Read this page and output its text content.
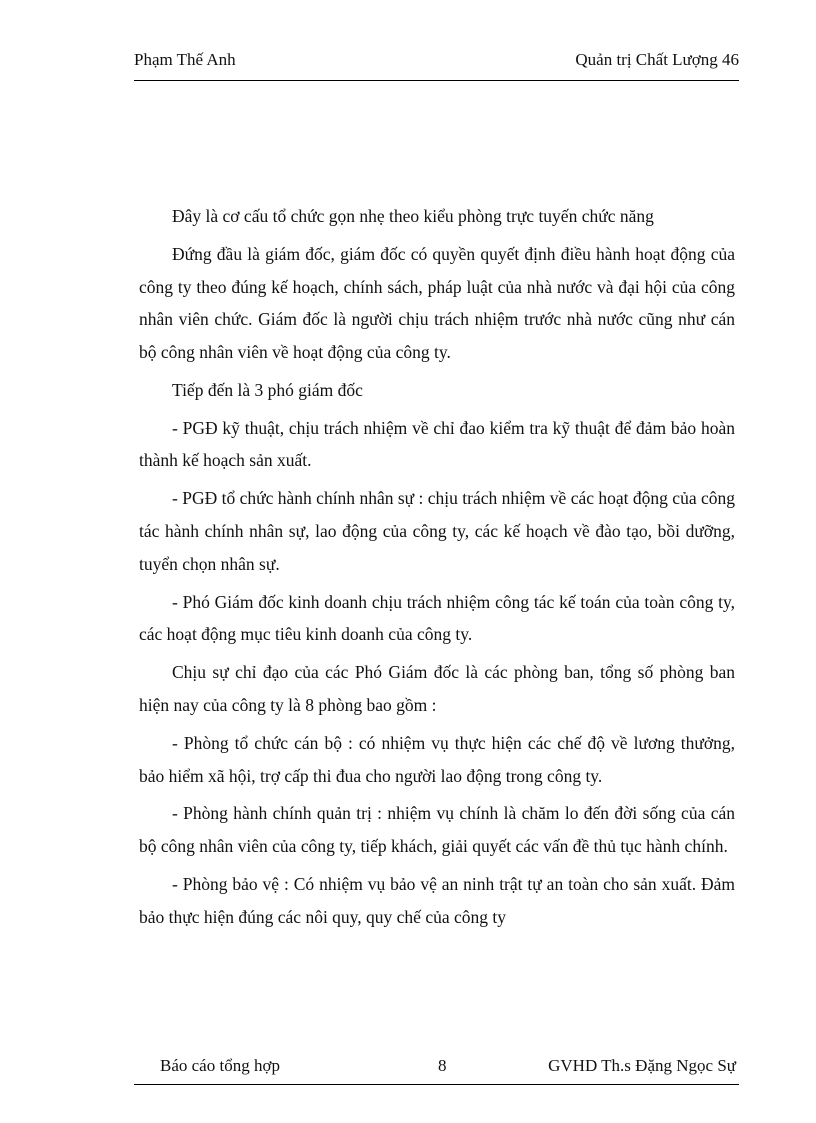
Phạm Thế Anh	Quản trị Chất Lượng 46

Đây là cơ cấu tổ chức gọn nhẹ theo kiểu phòng trực tuyến chức năng

Đứng đầu là giám đốc, giám đốc có quyền quyết định điều hành hoạt động của công ty theo đúng kế hoạch, chính sách, pháp luật của nhà nước và đại hội của công nhân viên chức. Giám đốc là người chịu trách nhiệm trước nhà nước cũng như cán bộ công nhân viên về hoạt động của công ty.

Tiếp đến là 3 phó giám đốc

- PGĐ kỹ thuật, chịu trách nhiệm về chỉ đao kiểm tra kỹ thuật để đảm bảo hoàn thành kế hoạch sản xuất.

- PGĐ tổ chức hành chính nhân sự : chịu trách nhiệm về các hoạt động của công tác hành chính nhân sự, lao động của công ty, các kế hoạch về đào tạo, bồi dưỡng, tuyển chọn nhân sự.

- Phó Giám đốc kinh doanh chịu trách nhiệm công tác kế toán của toàn công ty, các hoạt động mục tiêu kinh doanh của công ty.

Chịu sự chỉ đạo của các Phó Giám đốc là các phòng ban, tổng số phòng ban hiện nay của công ty là 8 phòng bao gồm :

- Phòng tổ chức cán bộ : có nhiệm vụ thực hiện các chế độ về lương thưởng, bảo hiểm xã hội, trợ cấp thi đua cho người lao động trong công ty.

- Phòng hành chính quản trị : nhiệm vụ chính là chăm lo đến đời sống của cán bộ công nhân viên của công ty, tiếp khách, giải quyết các vấn đề thủ tục hành chính.

- Phòng bảo vệ : Có nhiệm vụ bảo vệ an ninh trật tự an toàn cho sản xuất. Đảm bảo thực hiện đúng các nôi quy, quy chế của công ty

Báo cáo tổng hợp	8	GVHD Th.s Đặng Ngọc Sự
